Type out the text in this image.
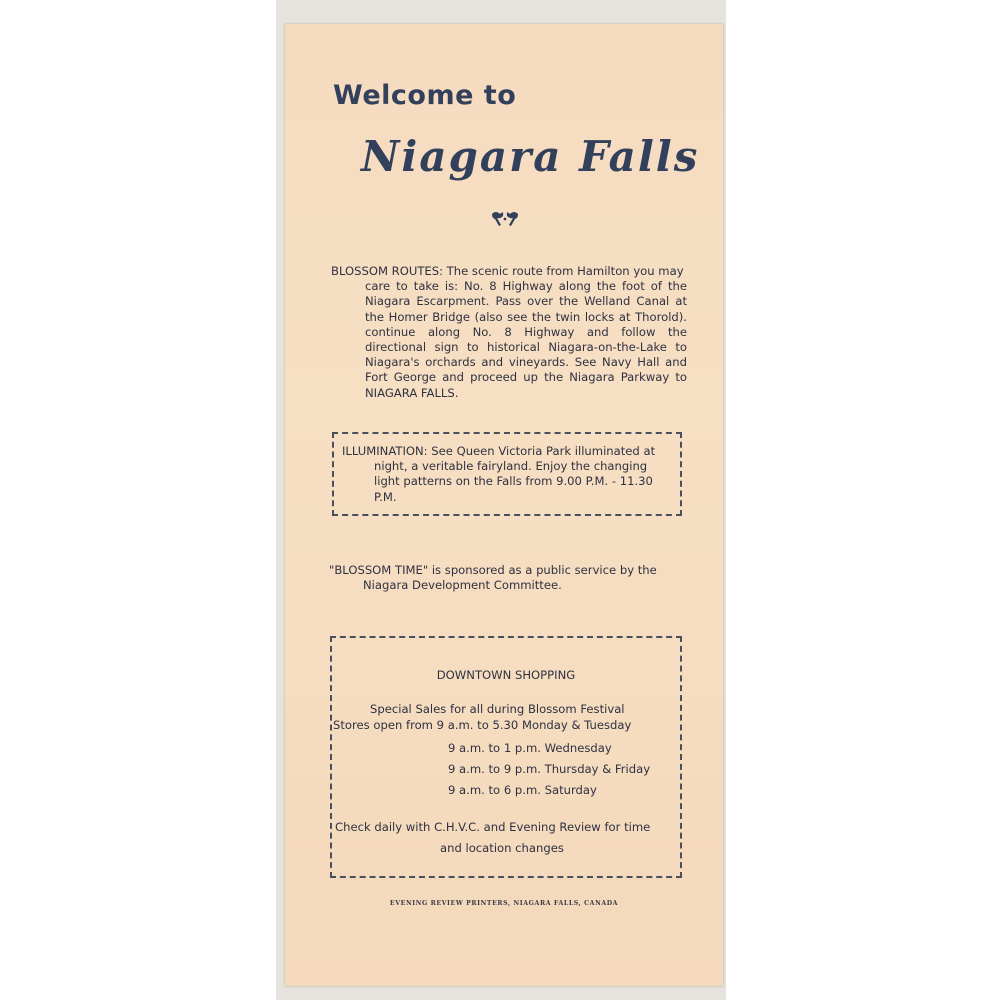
Welcome to
Niagara Falls
BLOSSOM ROUTES: The scenic route from Hamilton you may
care to take is: No. 8 Highway along the foot of the Niagara Escarpment. Pass over the Welland Canal at the Homer Bridge (also see the twin locks at Thorold). continue along No. 8 Highway and follow the directional sign to historical Niagara-on-the-Lake to Niagara's orchards and vineyards. See Navy Hall and Fort George and proceed up the Niagara Parkway to NIAGARA FALLS.
ILLUMINATION: See Queen Victoria Park illuminated at
night, a veritable fairyland. Enjoy the changing light patterns on the Falls from 9.00 P.M. - 11.30 P.M.
"BLOSSOM TIME" is sponsored as a public service by the
Niagara Development Committee.
DOWNTOWN SHOPPING
Special Sales for all during Blossom Festival
Stores open from 9 a.m. to 5.30 Monday & Tuesday
9 a.m. to 1 p.m. Wednesday
9 a.m. to 9 p.m. Thursday & Friday
9 a.m. to 6 p.m. Saturday
Check daily with C.H.V.C. and Evening Review for time
and location changes
EVENING REVIEW PRINTERS, NIAGARA FALLS, CANADA
